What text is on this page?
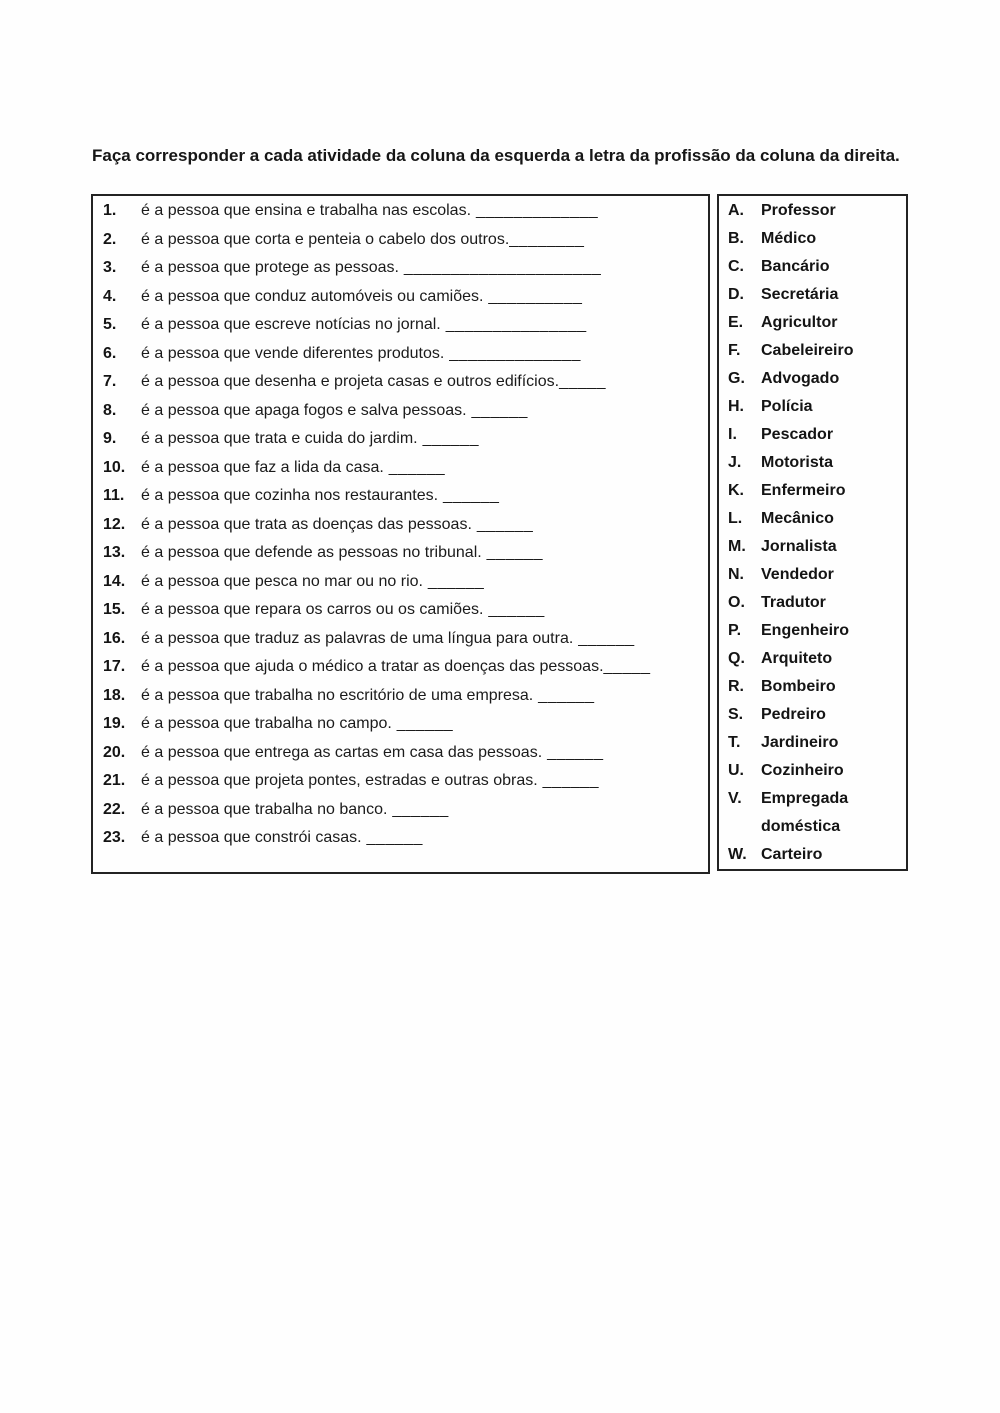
Faça corresponder a cada atividade da coluna da esquerda a letra da profissão da coluna da direita.
1.	é a pessoa que ensina e trabalha nas escolas. _____________
2.	é a pessoa que corta e penteia o cabelo dos outros.________
3.	é a pessoa que protege as pessoas. _____________________
4.	é a pessoa que conduz automóveis ou camiões. __________
5.	é a pessoa que escreve notícias no jornal. _______________
6.	é a pessoa que vende diferentes produtos. ______________
7.	é a pessoa que desenha e projeta casas e outros edifícios._____
8.	é a pessoa que apaga fogos e salva pessoas. ______
9.	é a pessoa que trata e cuida do jardim. ______
10. é a pessoa que faz a lida da casa. ______
11.	é a pessoa que cozinha nos restaurantes. ______
12. é a pessoa que trata as doenças das pessoas. ______
13. é a pessoa que defende as pessoas no tribunal. ______
14. é a pessoa que pesca no mar ou no rio. ______
15. é a pessoa que repara os carros ou os camiões. ______
16. é a pessoa que traduz as palavras de uma língua para outra. ______
17. é a pessoa que ajuda o médico a tratar as doenças das pessoas._____
18. é a pessoa que trabalha no escritório de uma empresa. ______
19. é a pessoa que trabalha no campo. ______
20. é a pessoa que entrega as cartas em casa das pessoas. ______
21. é a pessoa que projeta pontes, estradas e outras obras. ______
22. é a pessoa que trabalha no banco. ______
23. é a pessoa que constrói casas. ______
A.	Professor
B.	Médico
C.	Bancário
D.	Secretária
E.	Agricultor
F.	Cabeleireiro
G.	Advogado
H.	Polícia
I.	Pescador
J.	Motorista
K.	Enfermeiro
L.	Mecânico
M. Jornalista
N.	Vendedor
O.	Tradutor
P.	Engenheiro
Q.	Arquiteto
R.	Bombeiro
S.	Pedreiro
T.	Jardineiro
U.	Cozinheiro
V.	Empregada doméstica
W. Carteiro
